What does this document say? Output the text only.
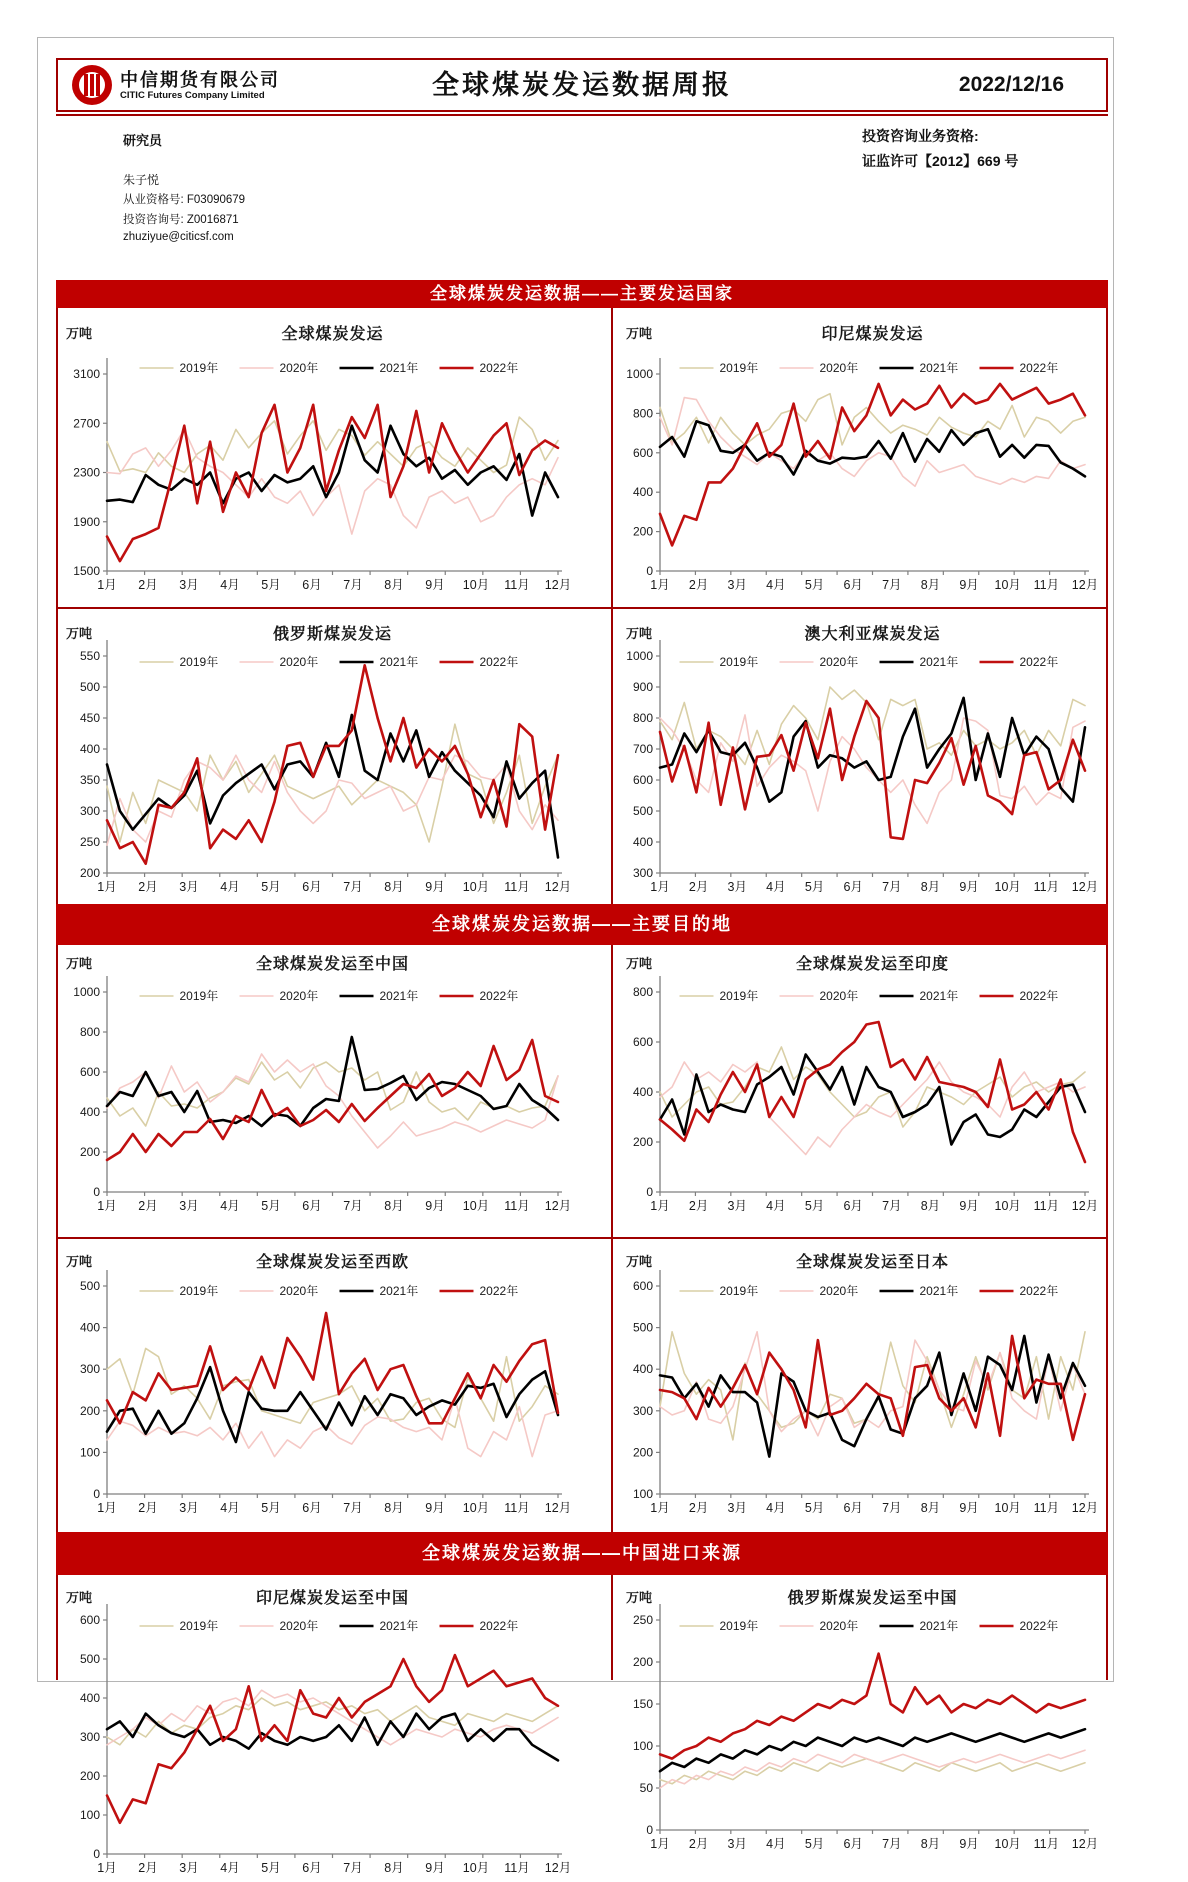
中信期货有限公司
CITIC Futures Company Limited	全球煤炭发运数据周报	2022/12/16
研究员
朱子悦
从业资格号: F03090679
投资咨询号: Z0016871
zhuziyue@citicsf.com
投资咨询业务资格:
证监许可【2012】669 号
全球煤炭发运数据——主要发运国家
全球煤炭发运数据——主要目的地
全球煤炭发运数据——中国进口来源
万吨	全球煤炭发运
2019年	2020年	2021年	2022年
1500
1900
2300
2700
3100
1月 2月 3月 4月 5月 6月 7月 8月 9月 10月 11月 12月
万吨	印尼煤炭发运
2019年	2020年	2021年	2022年
0
200
400
600
800
1000
1月 2月 3月 4月 5月 6月 7月 8月 9月 10月 11月 12月
万吨	俄罗斯煤炭发运
2019年	2020年	2021年	2022年
200
250
300
350
400
450
500
550
1月 2月 3月 4月 5月 6月 7月 8月 9月 10月 11月 12月
万吨	澳大利亚煤炭发运
2019年	2020年	2021年	2022年
300
400
500
600
700
800
900
1000
1月 2月 3月 4月 5月 6月 7月 8月 9月 10月 11月 12月
万吨	全球煤炭发运至中国
2019年	2020年	2021年	2022年
0
200
400
600
800
1000
1月 2月 3月 4月 5月 6月 7月 8月 9月 10月 11月 12月
万吨	全球煤炭发运至印度
2019年	2020年	2021年	2022年
0
200
400
600
800
1月 2月 3月 4月 5月 6月 7月 8月 9月 10月 11月 12月
万吨	全球煤炭发运至西欧
2019年	2020年	2021年	2022年
0
100
200
300
400
500
1月 2月 3月 4月 5月 6月 7月 8月 9月 10月 11月 12月
万吨	全球煤炭发运至日本
2019年	2020年	2021年	2022年
100
200
300
400
500
600
1月 2月 3月 4月 5月 6月 7月 8月 9月 10月 11月 12月
万吨	印尼煤炭发运至中国
2019年	2020年	2021年	2022年
0
100
200
300
400
500
600
1月 2月 3月 4月 5月 6月 7月 8月 9月 10月 11月 12月
万吨	俄罗斯煤炭发运至中国
2019年	2020年	2021年	2022年
0
50
100
150
200
250
1月 2月 3月 4月 5月 6月 7月 8月 9月 10月 11月 12月
